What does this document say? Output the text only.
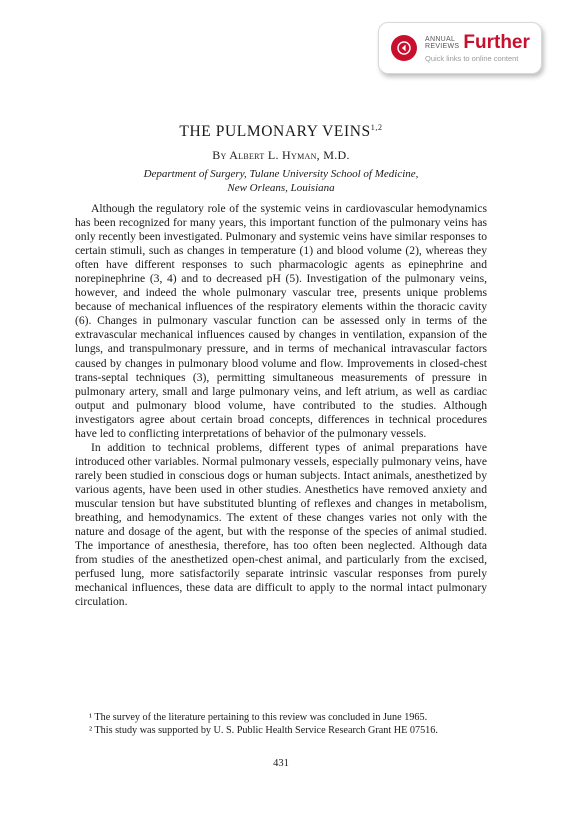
ANNUAL
REVIEWS Further
Quick links to online content
THE PULMONARY VEINS$^{1,2}$
By Albert L. Hyman, M.D.
Department of Surgery, Tulane University School of Medicine,
New Orleans, Louisiana

Although the regulatory role of the systemic veins in cardiovascular hemodynamics has been recognized for many years, this important function of the pulmonary veins has only recently been investigated. Pulmonary and systemic veins have similar responses to certain stimuli, such as changes in temperature (1) and blood volume (2), whereas they often have different responses to such pharmacologic agents as epinephrine and norepinephrine (3, 4) and to decreased pH (5). Investigation of the pulmonary veins, however, and indeed the whole pulmonary vascular tree, presents unique problems because of mechanical influences of the respiratory elements within the thoracic cavity (6). Changes in pulmonary vascular function can be assessed only in terms of the extravascular mechanical influences caused by changes in ventilation, expansion of the lungs, and transpulmonary pressure, and in terms of mechanical intravascular factors caused by changes in pulmonary blood volume and flow. Improvements in closed-chest trans-septal techniques (3), permitting simultaneous measurements of pressure in pulmonary artery, small and large pulmonary veins, and left atrium, as well as cardiac output and pulmonary blood volume, have contributed to the studies. Although investigators agree about certain broad concepts, differences in technical procedures have led to conflicting interpretations of behavior of the pulmonary vessels.

In addition to technical problems, different types of animal preparations have introduced other variables. Normal pulmonary vessels, especially pulmonary veins, have rarely been studied in conscious dogs or human subjects. Intact animals, anesthetized by various agents, have been used in other studies. Anesthetics have removed anxiety and muscular tension but have substituted blunting of reflexes and changes in metabolism, breathing, and hemodynamics. The extent of these changes varies not only with the nature and dosage of the agent, but with the response of the species of animal studied. The importance of anesthesia, therefore, has too often been neglected. Although data from studies of the anesthetized open-chest animal, and particularly from the excised, perfused lung, more satisfactorily separate intrinsic vascular responses from purely mechanical influences, these data are difficult to apply to the normal intact pulmonary circulation.

¹ The survey of the literature pertaining to this review was concluded in June 1965.

² This study was supported by U. S. Public Health Service Research Grant HE 07516.

431
